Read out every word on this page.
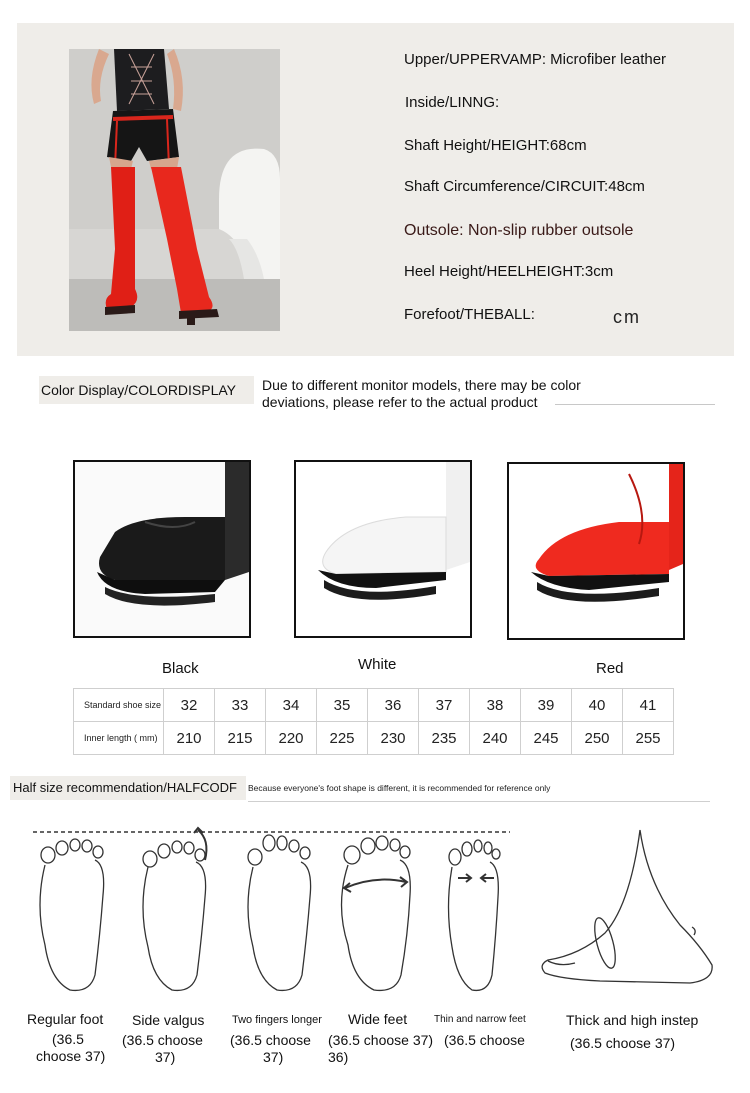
Upper/UPPERVAMP: Microfiber leather
Inside/LINNG:
Shaft Height/HEIGHT:68cm
Shaft Circumference/CIRCUIT:48cm
Outsole: Non-slip rubber outsole
Heel Height/HEELHEIGHT:3cm
Forefoot/THEBALL:	cm
Color Display/COLORDISPLAY	Due to different monitor models, there may be color deviations, please refer to the actual product
Black	White	Red
Standard shoe size	32	33	34	35	36	37	38	39	40	41
Inner length ( mm)	210	215	220	225	230	235	240	245	250	255
Half size recommendation/HALFCODF	Because everyone's foot shape is different, it is recommended for reference only
Regular foot
(36.5
choose 37)
Side valgus
(36.5 choose
37)
Two fingers longer
(36.5 choose
37)
Wide feet
(36.5 choose 37)
36)
Thin and narrow feet
(36.5 choose
Thick and high instep
(36.5 choose 37)
